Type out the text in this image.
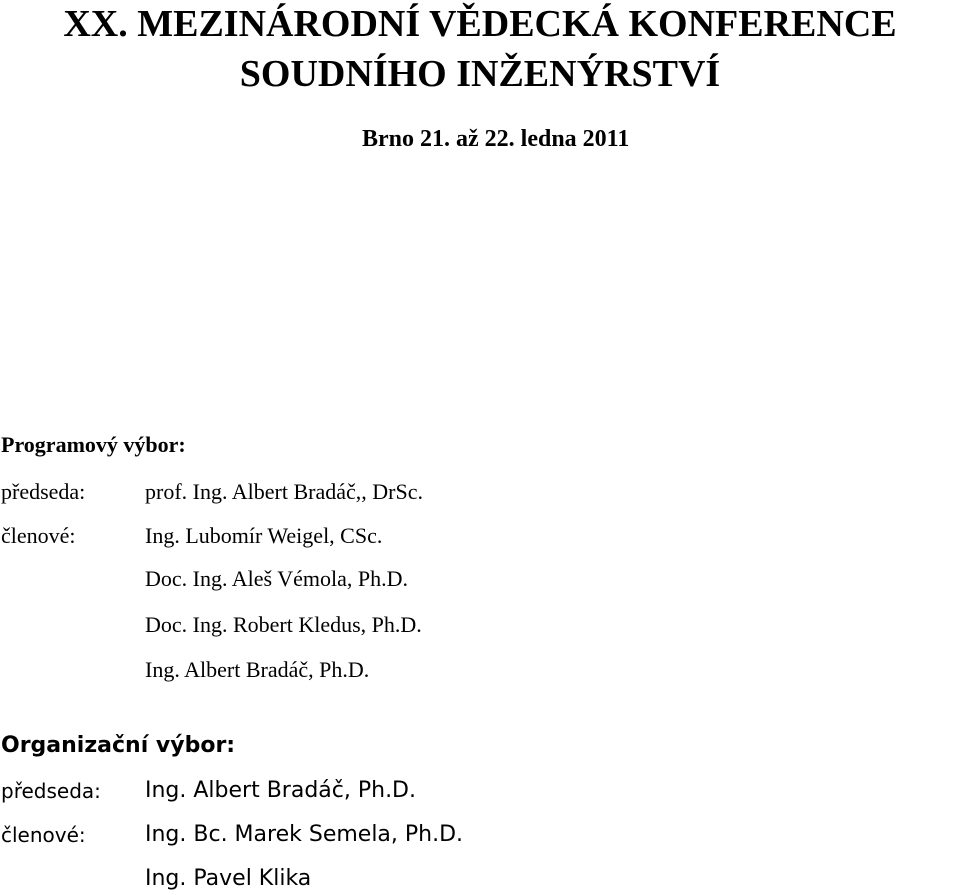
XX. MEZINÁRODNÍ VĚDECKÁ KONFERENCE
SOUDNÍHO INŽENÝRSTVÍ
Brno 21. až 22. ledna 2011
Programový výbor:
předseda:	prof. Ing. Albert Bradáč,, DrSc.
členové:	Ing. Lubomír Weigel, CSc.
Doc. Ing. Aleš Vémola, Ph.D.
Doc. Ing. Robert Kledus, Ph.D.
Ing. Albert Bradáč, Ph.D.
Organizační výbor:
předseda: Ing. Albert Bradáč, Ph.D.
členové:	Ing. Bc. Marek Semela, Ph.D.
Ing. Pavel Klika
